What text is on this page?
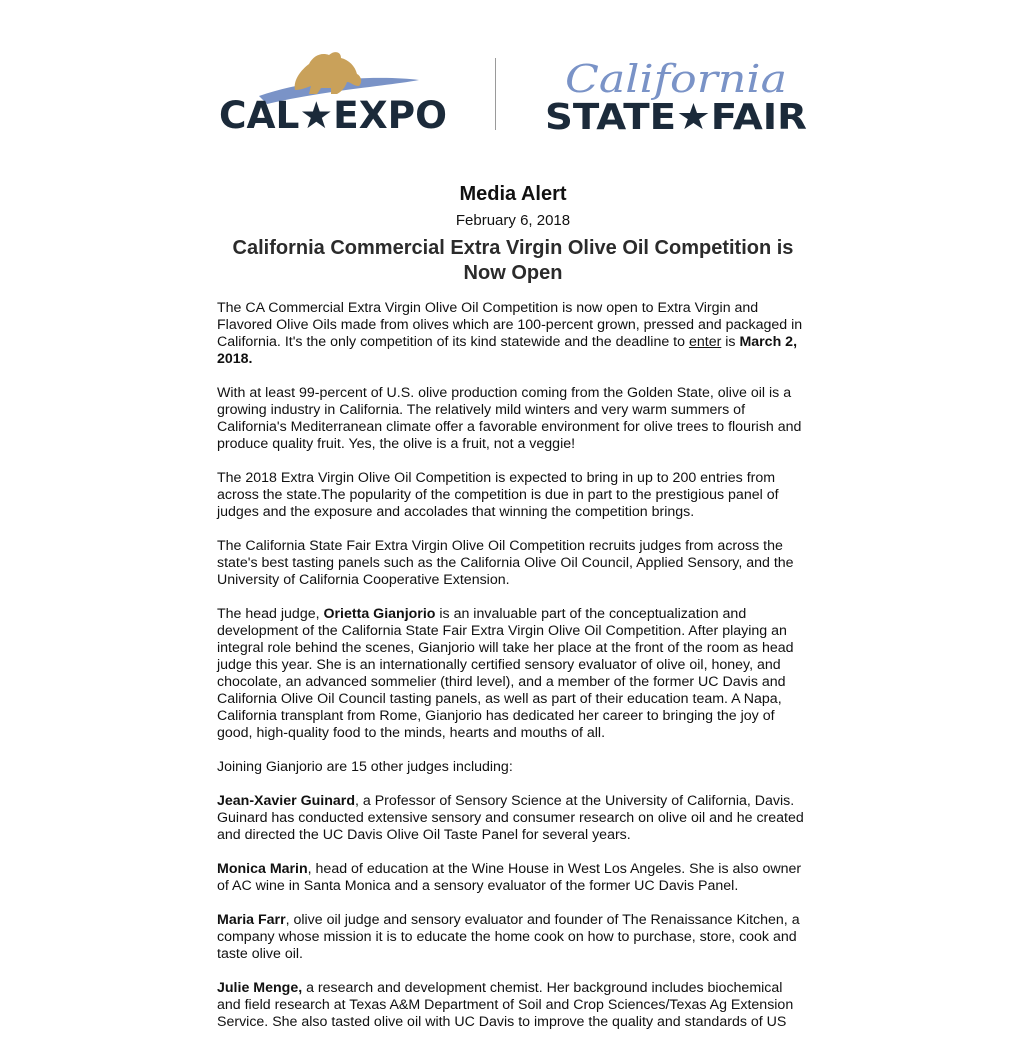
CAL★EXPO
California
STATE★FAIR
Media Alert
February 6, 2018
California Commercial Extra Virgin Olive Oil Competition is Now Open

The CA Commercial Extra Virgin Olive Oil Competition is now open to Extra Virgin and Flavored Olive Oils made from olives which are 100-percent grown, pressed and packaged in California. It's the only competition of its kind statewide and the deadline to enter is March 2, 2018.

With at least 99-percent of U.S. olive production coming from the Golden State, olive oil is a growing industry in California. The relatively mild winters and very warm summers of California's Mediterranean climate offer a favorable environment for olive trees to flourish and produce quality fruit. Yes, the olive is a fruit, not a veggie!

The 2018 Extra Virgin Olive Oil Competition is expected to bring in up to 200 entries from across the state.The popularity of the competition is due in part to the prestigious panel of judges and the exposure and accolades that winning the competition brings.

The California State Fair Extra Virgin Olive Oil Competition recruits judges from across the state's best tasting panels such as the California Olive Oil Council, Applied Sensory, and the University of California Cooperative Extension.

The head judge, Orietta Gianjorio is an invaluable part of the conceptualization and development of the California State Fair Extra Virgin Olive Oil Competition. After playing an integral role behind the scenes, Gianjorio will take her place at the front of the room as head judge this year. She is an internationally certified sensory evaluator of olive oil, honey, and chocolate, an advanced sommelier (third level), and a member of the former UC Davis and California Olive Oil Council tasting panels, as well as part of their education team. A Napa, California transplant from Rome, Gianjorio has dedicated her career to bringing the joy of good, high-quality food to the minds, hearts and mouths of all.

Joining Gianjorio are 15 other judges including:

Jean-Xavier Guinard, a Professor of Sensory Science at the University of California, Davis. Guinard has conducted extensive sensory and consumer research on olive oil and he created and directed the UC Davis Olive Oil Taste Panel for several years.

Monica Marin, head of education at the Wine House in West Los Angeles. She is also owner of AC wine in Santa Monica and a sensory evaluator of the former UC Davis Panel.

Maria Farr, olive oil judge and sensory evaluator and founder of The Renaissance Kitchen, a company whose mission it is to educate the home cook on how to purchase, store, cook and taste olive oil.

Julie Menge, a research and development chemist. Her background includes biochemical and field research at Texas A&M Department of Soil and Crop Sciences/Texas Ag Extension Service. She also tasted olive oil with UC Davis to improve the quality and standards of US
